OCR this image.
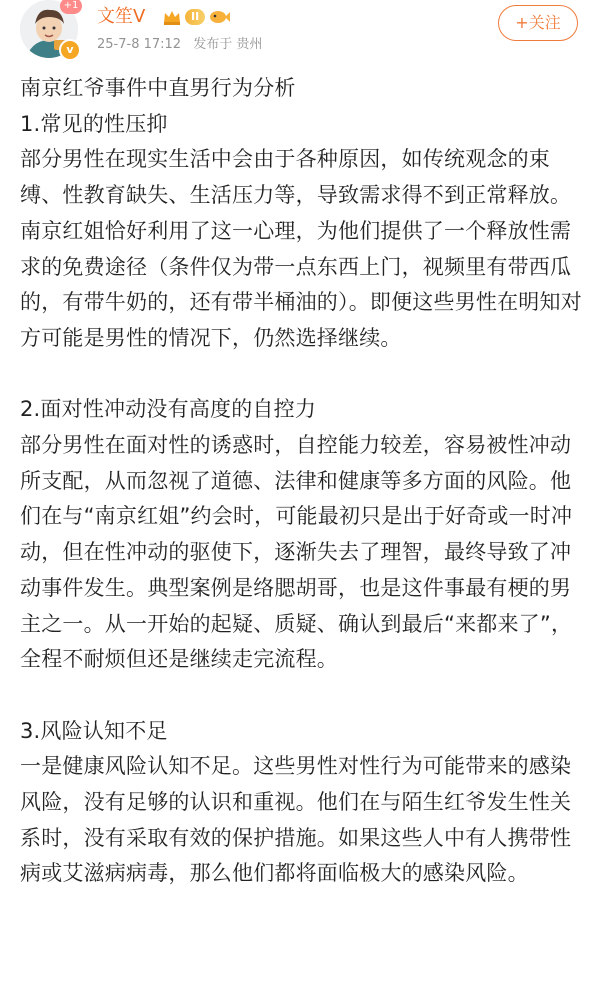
+1
v
文笙V	II
25-7-8 17:12 发布于 贵州
+关注

南京红爷事件中直男行为分析

1.常见的性压抑

部分男性在现实生活中会由于各种原因，如传统观念的束缚、性教育缺失、生活压力等，导致需求得不到正常释放。南京红姐恰好利用了这一心理，为他们提供了一个释放性需求的免费途径（条件仅为带一点东西上门，视频里有带西瓜的，有带牛奶的，还有带半桶油的）。即便这些男性在明知对方可能是男性的情况下，仍然选择继续。

2.面对性冲动没有高度的自控力

部分男性在面对性的诱惑时，自控能力较差，容易被性冲动所支配，从而忽视了道德、法律和健康等多方面的风险。他们在与“南京红姐”约会时，可能最初只是出于好奇或一时冲动，但在性冲动的驱使下，逐渐失去了理智，最终导致了冲动事件发生。典型案例是络腮胡哥，也是这件事最有梗的男主之一。从一开始的起疑、质疑、确认到最后“来都来了”，全程不耐烦但还是继续走完流程。

3.风险认知不足

一是健康风险认知不足。这些男性对性行为可能带来的感染风险，没有足够的认识和重视。他们在与陌生红爷发生性关系时，没有采取有效的保护措施。如果这些人中有人携带性病或艾滋病病毒，那么他们都将面临极大的感染风险。
